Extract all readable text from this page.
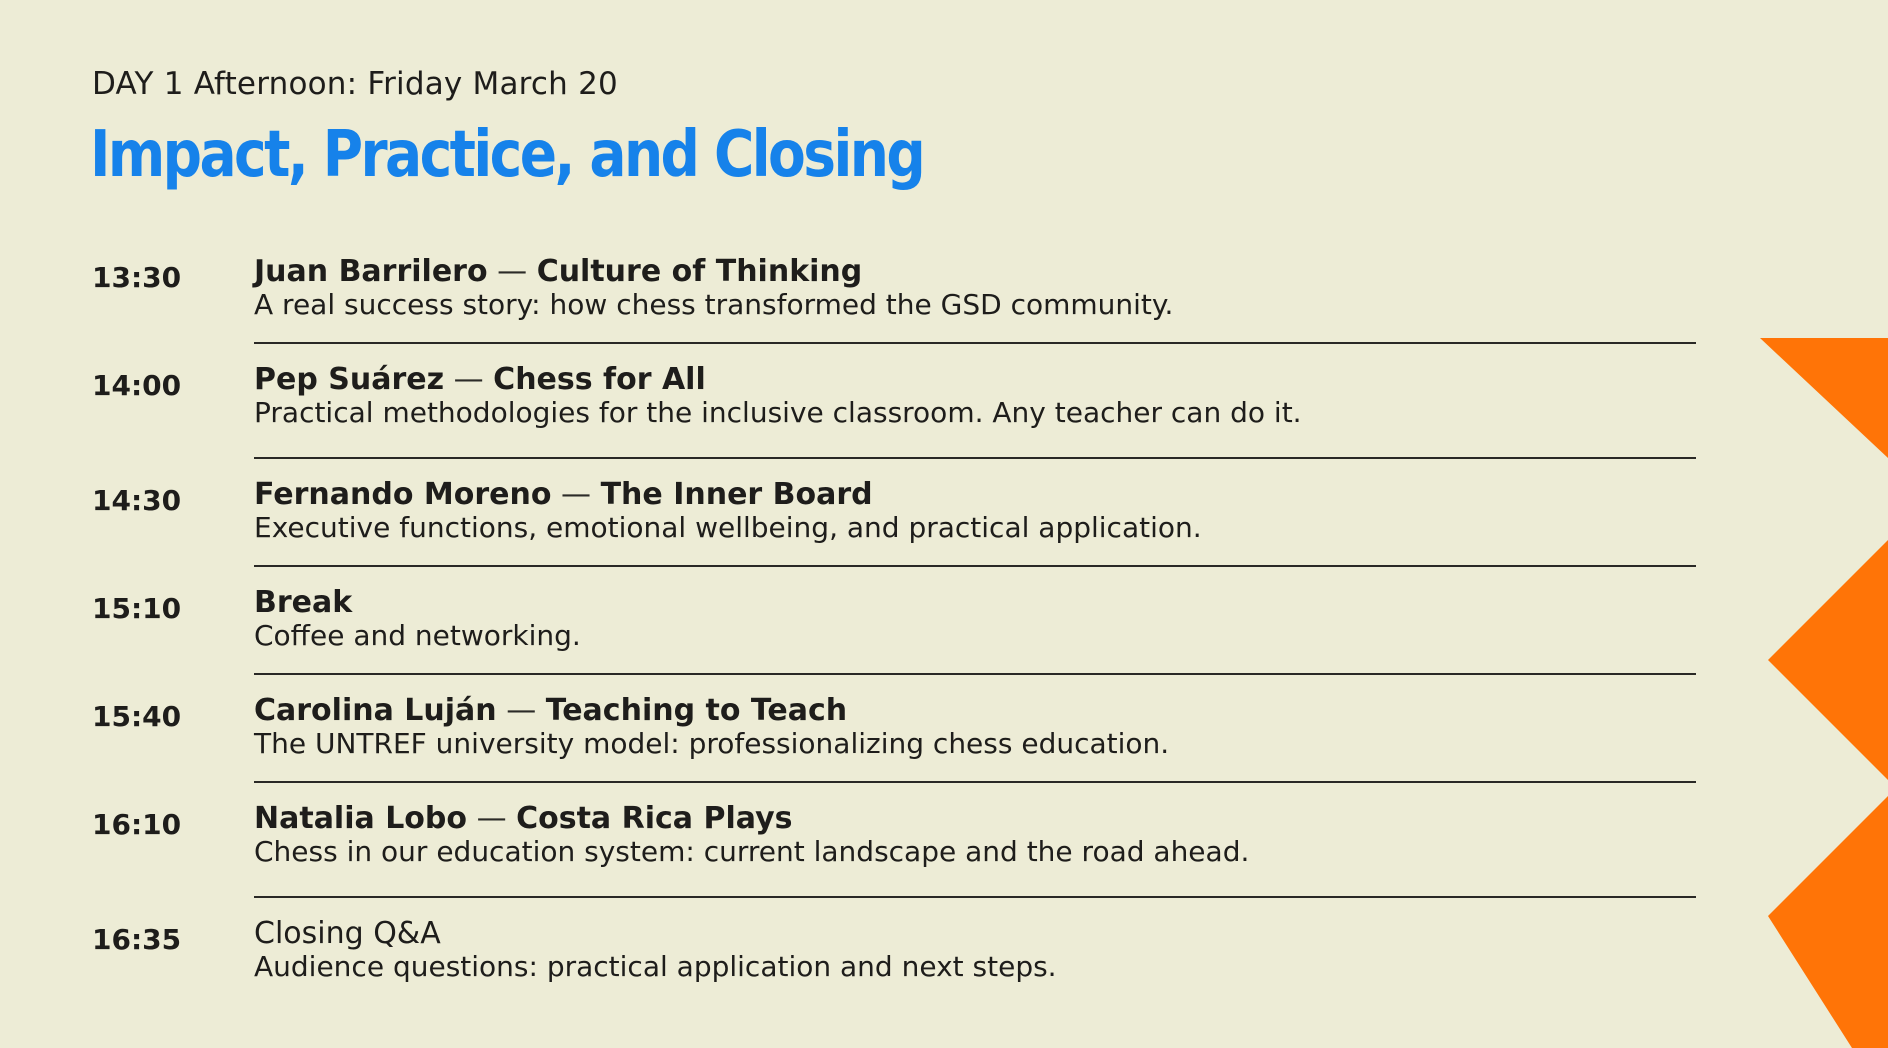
DAY 1 Afternoon: Friday March 20
Impact, Practice, and Closing
13:30 Juan Barrilero — Culture of Thinking
A real success story: how chess transformed the GSD community.
14:00 Pep Suárez — Chess for All
Practical methodologies for the inclusive classroom. Any teacher can do it.
14:30 Fernando Moreno — The Inner Board
Executive functions, emotional wellbeing, and practical application.
15:10 Break
Coffee and networking.
15:40 Carolina Luján — Teaching to Teach
The UNTREF university model: professionalizing chess education.
16:10 Natalia Lobo — Costa Rica Plays
Chess in our education system: current landscape and the road ahead.
16:35 Closing Q&A
Audience questions: practical application and next steps.
